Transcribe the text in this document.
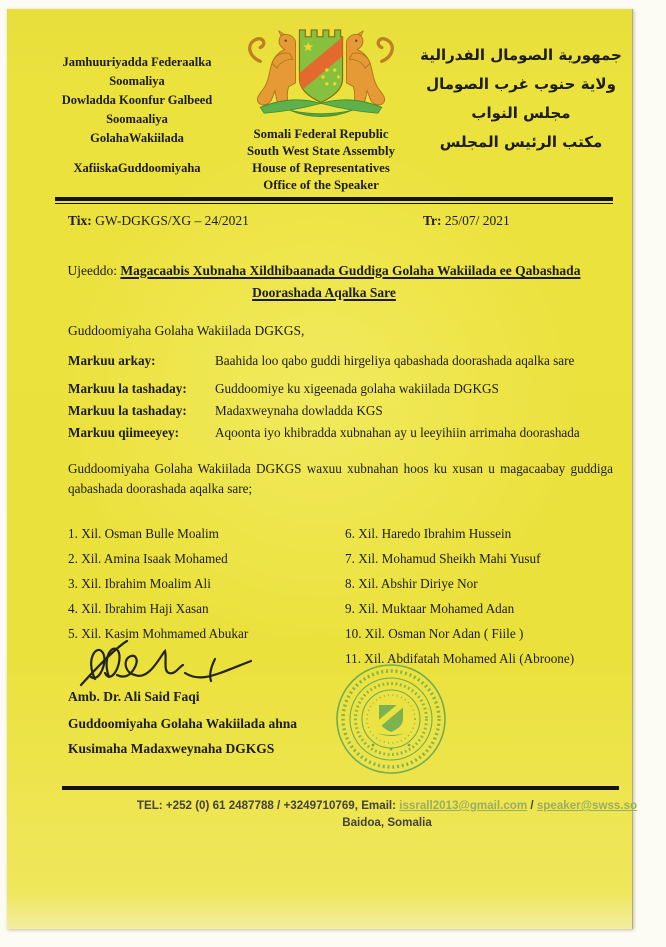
Jamhuuriyadda Federaalka
Soomaliya
Dowladda Koonfur Galbeed
Soomaaliya
GolahaWakiilada
XafiiskaGuddoomiyaha
Somali Federal Republic
South West State Assembly
House of Representatives
Office of the Speaker
جمهورية الصومال الفدرالية
ولاية حنوب غرب الصومال
مجلس النواب
مكتب الرئيس المجلس
Tix: GW-DGKGS/XG – 24/2021	Tr: 25/07/ 2021
Ujeeddo: Magacaabis Xubnaha Xildhibaanada Guddiga Golaha Wakiilada ee Qabashada
Doorashada Aqalka Sare
Guddoomiyaha Golaha Wakiilada DGKGS,
Markuu arkay:	Baahida loo qabo guddi hirgeliya qabashada doorashada aqalka sare
Markuu la tashaday:	Guddoomiye ku xigeenada golaha wakiilada DGKGS
Markuu la tashaday:	Madaxweynaha dowladda KGS
Markuu qiimeeyey:	Aqoonta iyo khibradda xubnahan ay u leeyihiin arrimaha doorashada
Guddoomiyaha Golaha Wakiilada DGKGS waxuu xubnahan hoos ku xusan u magacaabay guddiga qabashada doorashada aqalka sare;
1. Xil. Osman Bulle Moalim
2. Xil. Amina Isaak Mohamed
3. Xil. Ibrahim Moalim Ali
4. Xil. Ibrahim Haji Xasan
5. Xil. Kasim Mohmamed Abukar
6. Xil. Haredo Ibrahim Hussein
7. Xil. Mohamud Sheikh Mahi Yusuf
8. Xil. Abshir Diriye Nor
9. Xil. Muktaar Mohamed Adan
10. Xil. Osman Nor Adan ( Fiile )
11. Xil. Abdifatah Mohamed Ali (Abroone)
Amb. Dr. Ali Said Faqi
Guddoomiyaha Golaha Wakiilada ahna
Kusimaha Madaxweynaha DGKGS
TEL: +252 (0) 61 2487788 / +3249710769, Email: issrall2013@gmail.com / speaker@swss.so
Baidoa, Somalia
